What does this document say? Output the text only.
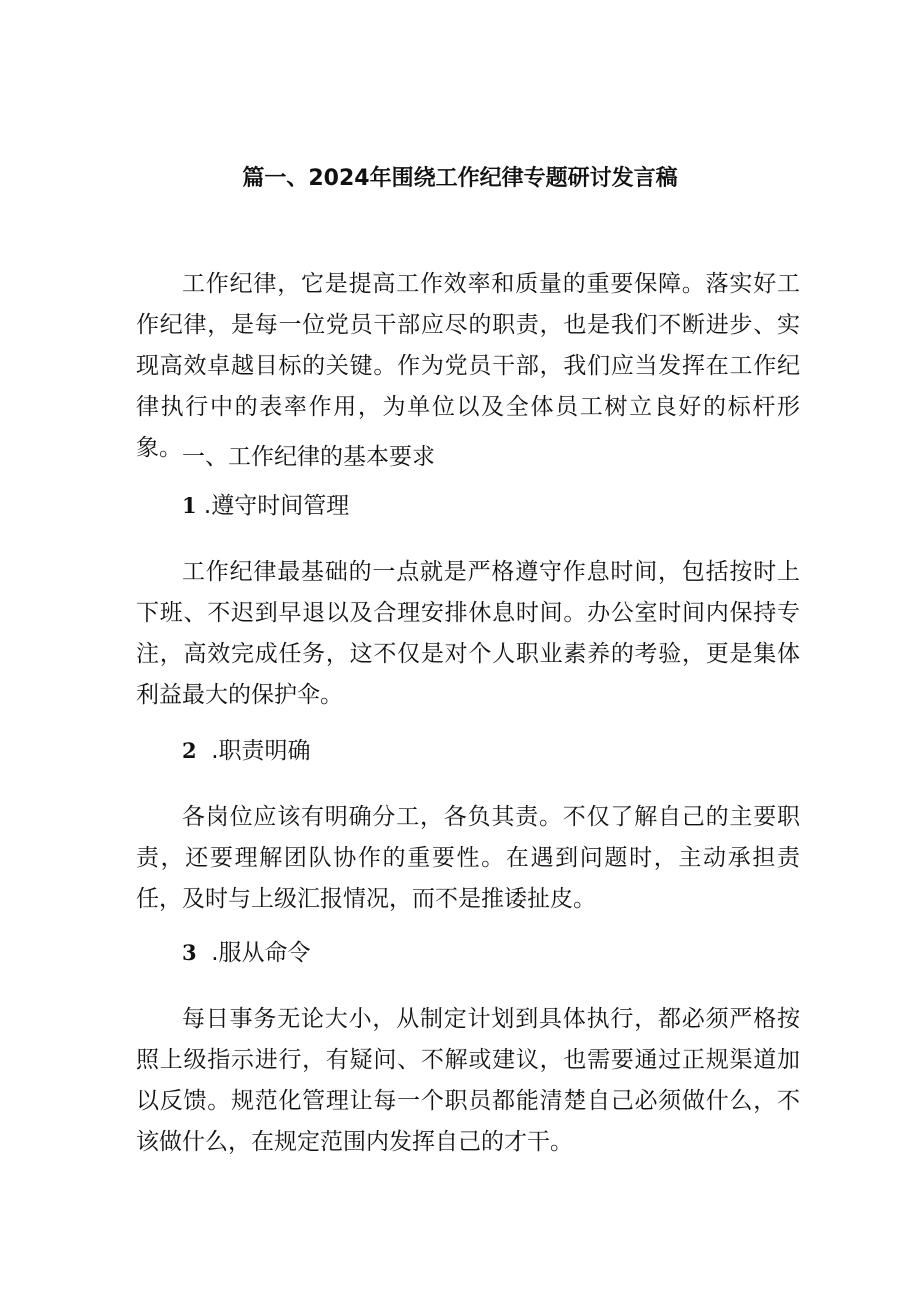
篇一、2024年围绕工作纪律专题研讨发言稿

工作纪律，它是提高工作效率和质量的重要保障。落实好工作纪律，是每一位党员干部应尽的职责，也是我们不断进步、实现高效卓越目标的关键。作为党员干部，我们应当发挥在工作纪律执行中的表率作用，为单位以及全体员工树立良好的标杆形象。 一、工作纪律的基本要求

1 .遵守时间管理

工作纪律最基础的一点就是严格遵守作息时间，包括按时上下班、不迟到早退以及合理安排休息时间。办公室时间内保持专注，高效完成任务，这不仅是对个人职业素养的考验，更是集体利益最大的保护伞。

2  .职责明确

各岗位应该有明确分工，各负其责。不仅了解自己的主要职责，还要理解团队协作的重要性。在遇到问题时，主动承担责任，及时与上级汇报情况，而不是推诿扯皮。

3  .服从命令

每日事务无论大小，从制定计划到具体执行，都必须严格按照上级指示进行，有疑问、不解或建议，也需要通过正规渠道加以反馈。规范化管理让每一个职员都能清楚自己必须做什么，不该做什么，在规定范围内发挥自己的才干。
